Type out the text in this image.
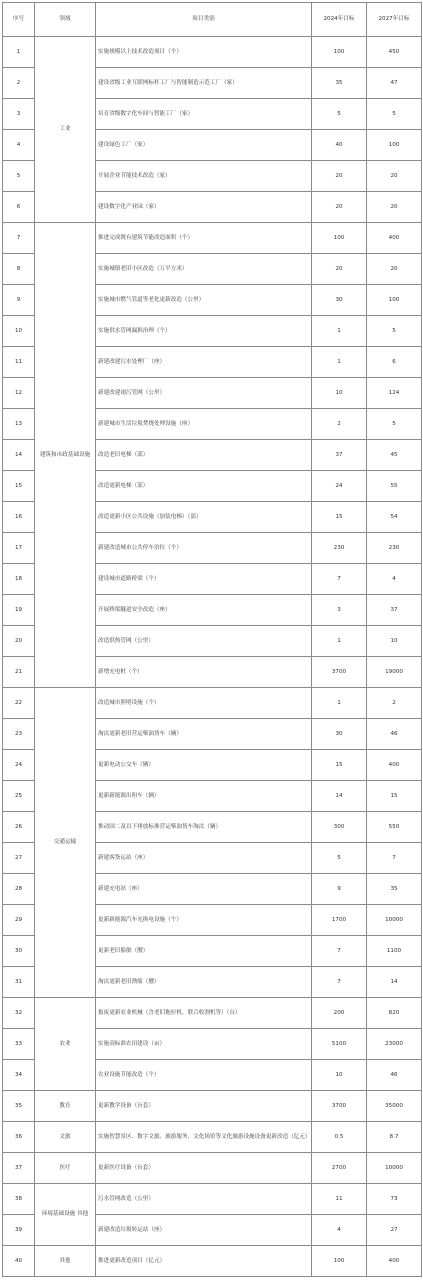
序号	领域	项目类别	2024年目标	2027年目标
1	工业	实施规模以上技术改造项目（个）	100	450
2		建设省级工业互联网标杆工厂与智能制造示范工厂（家）	35	47
3		培育省级数字化车间与智能工厂（家）	5	5
4		建设绿色工厂（家）	40	100
5		开展企业节能技术改造（家）	20	20
6		建设数字化产业园（家）	20	20
7	建筑和市政基础设施	推进完成既有建筑节能改造面积（个）	100	400
8		实施城镇老旧小区改造（万平方米）	20	20
9		实施城市燃气管道等老化更新改造（公里）	30	100
10		实施供水管网漏损治理（个）	1	5
11		新建改建污水处理厂（座）	1	6
12		新建改建雨污管网（公里）	10	124
13		新建城市生活垃圾焚烧处理设施（座）	2	5
14		改造老旧电梯（部）	37	45
15		改造更新电梯（部）	24	55
16		改造更新小区公共设施（加装电梯）（部）	15	54
17		新建改造城市公共停车泊位（个）	230	230
18		建设城市道路桥梁（个）	7	4
19		开展桥梁隧道安全改造（座）	3	37
20		改造供热管网（公里）	1	10
21		新增充电桩（个）	3700	19000
22	交通运输	改造城市照明设施（个）	1	2
23		淘汰更新老旧营运柴油货车（辆）	30	46
24		更新电动公交车（辆）	15	400
25		更新新能源出租车（辆）	14	15
26		推动国二及以下排放标准营运柴油货车淘汰（辆）	300	550
27		新建客货运站（座）	5	7
28		新建充电站（座）	9	35
29		更新新能源汽车充换电设施（个）	1700	10000
30		更新老旧船舶（艘）	7	1100
31		淘汰更新老旧渔船（艘）	7	14
32	农业	报废更新农业机械（含老旧拖拉机、联合收割机等）（台）	200	820
33		实施高标准农田建设（亩）	5100	23000
34		农业设施节能改造（个）	10	46
35	教育	更新教学设备（台套）	3700	35000
36	文旅	实施智慧景区、数字文旅、旅游服务、文化场馆等文化旅游设施设备更新改造（亿元）	0.5	8.7
37	医疗	更新医疗设备（台套）	2700	10000
38	环境基础设施 其他	污水管网改造（公里）	11	73
39		新建改造垃圾转运站（座）	4	27
40	其他	推进更新改造项目（亿元）	100	400
